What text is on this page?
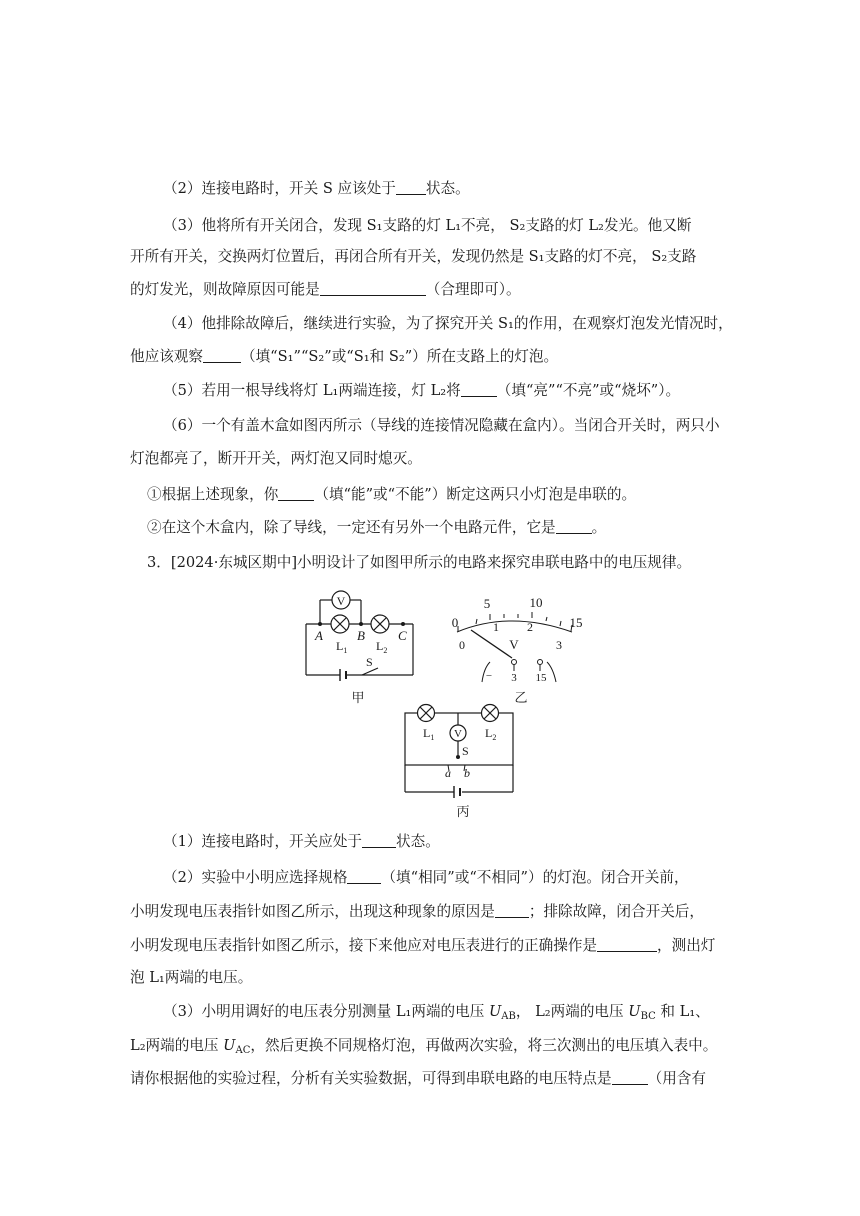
（2）连接电路时，开关 S 应该处于 状态。
（3）他将所有开关闭合，发现 S₁支路的灯 L₁不亮， S₂支路的灯 L₂发光。他又断
开所有开关，交换两灯位置后，再闭合所有开关，发现仍然是 S₁支路的灯不亮， S₂支路
的灯发光，则故障原因可能是	（合理即可）。
（4）他排除故障后，继续进行实验，为了探究开关 S₁的作用，在观察灯泡发光情况时，
他应该观察	（填“S₁”“S₂”或“S₁和 S₂”）所在支路上的灯泡。
（5）若用一根导线将灯 L₁两端连接，灯 L₂将 （填“亮”“不亮”或“烧坏”）。
（6）一个有盖木盒如图丙所示（导线的连接情况隐藏在盒内）。当闭合开关时，两只小
灯泡都亮了，断开开关，两灯泡又同时熄灭。
①根据上述现象，你 （填“能”或“不能”）断定这两只小灯泡是串联的。
②在这个木盒内，除了导线，一定还有另外一个电路元件，它是 。
3．[2024·东城区期中]小明设计了如图甲所示的电路来探究串联电路中的电压规律。
V
A	B	C
$L_1$ $L_2$
S
甲
0
5	10
15
0
1 2
3
V
− 3 15
乙
V
$L_1$	$L_2$
S
a b
丙
（1）连接电路时，开关应处于 状态。
（2）实验中小明应选择规格 （填“相同”或“不相同”）的灯泡。闭合开关前，
小明发现电压表指针如图乙所示，出现这种现象的原因是 ；排除故障，闭合开关后，
小明发现电压表指针如图乙所示，接下来他应对电压表进行的正确操作是	，测出灯
泡 L₁两端的电压。
（3）小明用调好的电压表分别测量 L₁两端的电压 $U_{AB}$， L₂两端的电压 $U_{BC}$ 和 L₁、
L₂两端的电压 $U_{AC}$，然后更换不同规格灯泡，再做两次实验，将三次测出的电压填入表中。
请你根据他的实验过程，分析有关实验数据，可得到串联电路的电压特点是 （用含有
